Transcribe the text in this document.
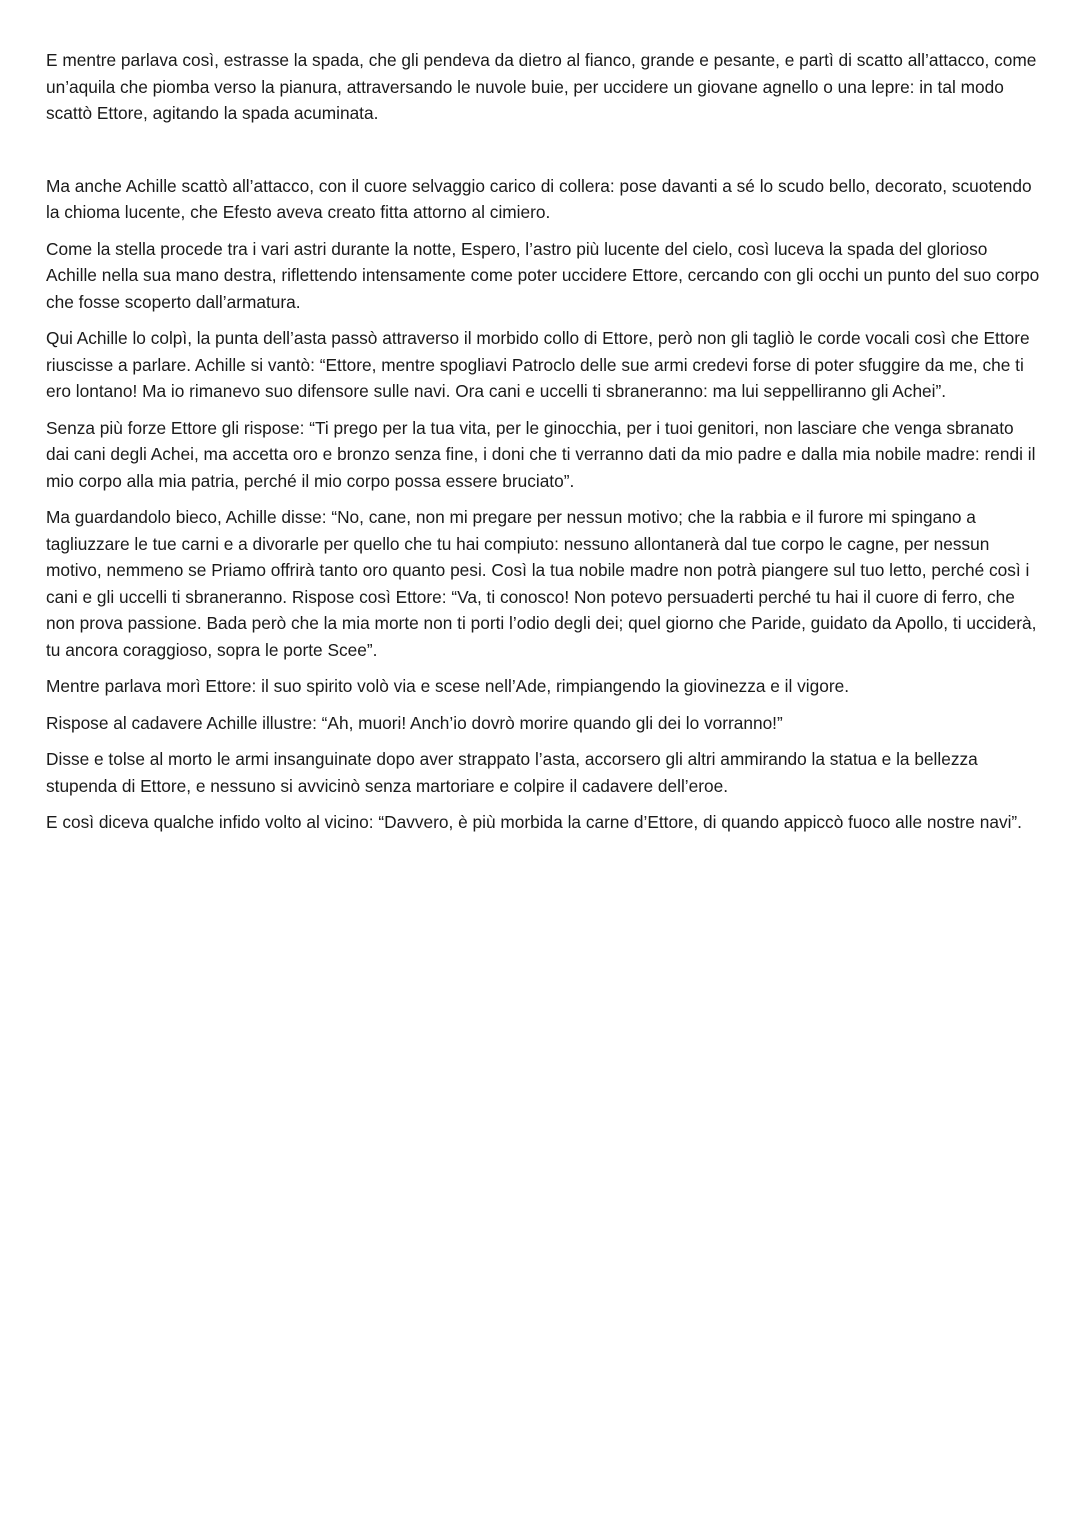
E mentre parlava così, estrasse la spada, che gli pendeva da dietro al fianco, grande e pesante, e partì di scatto all’attacco, come un’aquila che piomba verso la pianura, attraversando le nuvole buie, per uccidere un giovane agnello o una lepre: in tal modo scattò Ettore, agitando la spada acuminata.

Ma anche Achille scattò all’attacco, con il cuore selvaggio carico di collera: pose davanti a sé lo scudo bello, decorato, scuotendo la chioma lucente, che Efesto aveva creato fitta attorno al cimiero.

Come la stella procede tra i vari astri durante la notte, Espero, l’astro più lucente del cielo, così luceva la spada del glorioso Achille nella sua mano destra, riflettendo intensamente come poter uccidere Ettore, cercando con gli occhi un punto del suo corpo che fosse scoperto dall’armatura.

Qui Achille lo colpì, la punta dell’asta passò attraverso il morbido collo di Ettore, però non gli tagliò le corde vocali così che Ettore riuscisse a parlare. Achille si vantò: “Ettore, mentre spogliavi Patroclo delle sue armi credevi forse di poter sfuggire da me, che ti ero lontano! Ma io rimanevo suo difensore sulle navi. Ora cani e uccelli ti sbraneranno: ma lui seppelliranno gli Achei”.

Senza più forze Ettore gli rispose: “Ti prego per la tua vita, per le ginocchia, per i tuoi genitori, non lasciare che venga sbranato dai cani degli Achei, ma accetta oro e bronzo senza fine, i doni che ti verranno dati da mio padre e dalla mia nobile madre: rendi il mio corpo alla mia patria, perché il mio corpo possa essere bruciato”.

Ma guardandolo bieco, Achille disse: “No, cane, non mi pregare per nessun motivo; che la rabbia e il furore mi spingano a tagliuzzare le tue carni e a divorarle per quello che tu hai compiuto: nessuno allontanerà dal tue corpo le cagne, per nessun motivo, nemmeno se Priamo offrirà tanto oro quanto pesi. Così la tua nobile madre non potrà piangere sul tuo letto, perché così i cani e gli uccelli ti sbraneranno. Rispose così Ettore: “Va, ti conosco! Non potevo persuaderti perché tu hai il cuore di ferro, che non prova passione. Bada però che la mia morte non ti porti l’odio degli dei; quel giorno che Paride, guidato da Apollo, ti ucciderà, tu ancora coraggioso, sopra le porte Scee”.

Mentre parlava morì Ettore: il suo spirito volò via e scese nell’Ade, rimpiangendo la giovinezza e il vigore.

Rispose al cadavere Achille illustre: “Ah, muori! Anch’io dovrò morire quando gli dei lo vorranno!”

Disse e tolse al morto le armi insanguinate dopo aver strappato l’asta, accorsero gli altri ammirando la statua e la bellezza stupenda di Ettore, e nessuno si avvicinò senza martoriare e colpire il cadavere dell’eroe.

E così diceva qualche infido volto al vicino: “Davvero, è più morbida la carne d’Ettore, di quando appiccò fuoco alle nostre navi”.
